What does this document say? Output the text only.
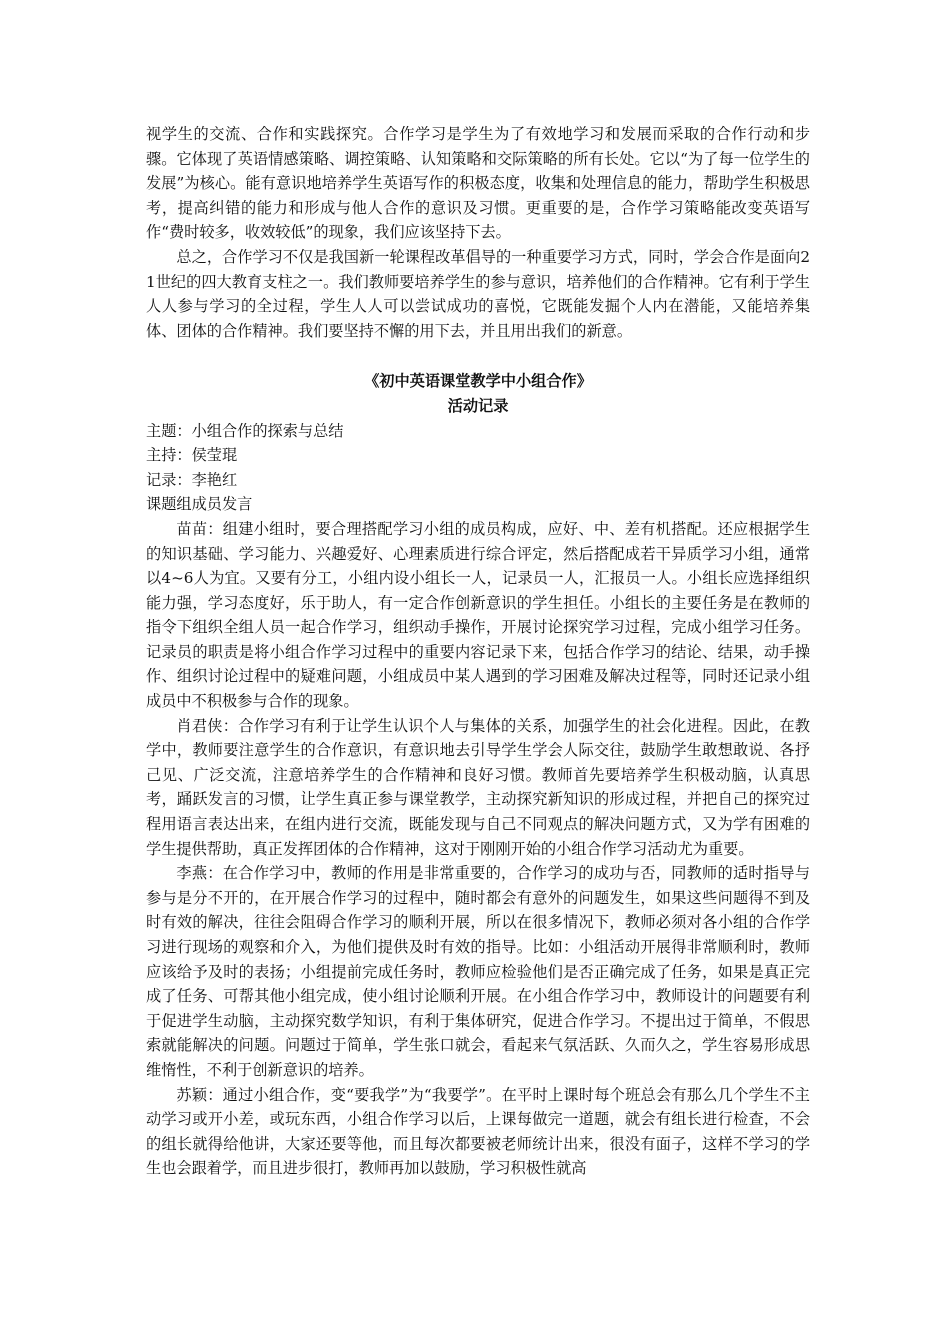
视学生的交流、合作和实践探究。合作学习是学生为了有效地学习和发展而采取的合作行动和步骤。它体现了英语情感策略、调控策略、认知策略和交际策略的所有长处。它以“为了每一位学生的发展”为核心。能有意识地培养学生英语写作的积极态度，收集和处理信息的能力，帮助学生积极思考，提高纠错的能力和形成与他人合作的意识及习惯。更重要的是，合作学习策略能改变英语写作“费时较多，收效较低”的现象，我们应该坚持下去。

总之，合作学习不仅是我国新一轮课程改革倡导的一种重要学习方式，同时，学会合作是面向21世纪的四大教育支柱之一。我们教师要培养学生的参与意识，培养他们的合作精神。它有利于学生人人参与学习的全过程，学生人人可以尝试成功的喜悦，它既能发掘个人内在潜能，又能培养集体、团体的合作精神。我们要坚持不懈的用下去，并且用出我们的新意。

《初中英语课堂教学中小组合作》

活动记录

主题：小组合作的探索与总结

主持：侯莹琨

记录：李艳红

课题组成员发言

苗苗：组建小组时，要合理搭配学习小组的成员构成，应好、中、差有机搭配。还应根据学生的知识基础、学习能力、兴趣爱好、心理素质进行综合评定，然后搭配成若干异质学习小组，通常以4~6人为宜。又要有分工，小组内设小组长一人，记录员一人，汇报员一人。小组长应选择组织能力强，学习态度好，乐于助人，有一定合作创新意识的学生担任。小组长的主要任务是在教师的指令下组织全组人员一起合作学习，组织动手操作，开展讨论探究学习过程，完成小组学习任务。记录员的职责是将小组合作学习过程中的重要内容记录下来，包括合作学习的结论、结果，动手操作、组织讨论过程中的疑难问题，小组成员中某人遇到的学习困难及解决过程等，同时还记录小组成员中不积极参与合作的现象。

肖君侠：合作学习有利于让学生认识个人与集体的关系，加强学生的社会化进程。因此，在教学中，教师要注意学生的合作意识，有意识地去引导学生学会人际交往，鼓励学生敢想敢说、各抒己见、广泛交流，注意培养学生的合作精神和良好习惯。教师首先要培养学生积极动脑，认真思考，踊跃发言的习惯，让学生真正参与课堂教学，主动探究新知识的形成过程，并把自己的探究过程用语言表达出来，在组内进行交流，既能发现与自己不同观点的解决问题方式，又为学有困难的学生提供帮助，真正发挥团体的合作精神，这对于刚刚开始的小组合作学习活动尤为重要。

李燕：在合作学习中，教师的作用是非常重要的，合作学习的成功与否，同教师的适时指导与参与是分不开的，在开展合作学习的过程中，随时都会有意外的问题发生，如果这些问题得不到及时有效的解决，往往会阻碍合作学习的顺利开展，所以在很多情况下，教师必须对各小组的合作学习进行现场的观察和介入，为他们提供及时有效的指导。比如：小组活动开展得非常顺利时，教师应该给予及时的表扬；小组提前完成任务时，教师应检验他们是否正确完成了任务，如果是真正完成了任务、可帮其他小组完成，使小组讨论顺利开展。在小组合作学习中，教师设计的问题要有利于促进学生动脑，主动探究数学知识，有利于集体研究，促进合作学习。不提出过于简单，不假思索就能解决的问题。问题过于简单，学生张口就会，看起来气氛活跃、久而久之，学生容易形成思维惰性，不利于创新意识的培养。

苏颖：通过小组合作，变“要我学”为“我要学”。在平时上课时每个班总会有那么几个学生不主动学习或开小差，或玩东西，小组合作学习以后，上课每做完一道题，就会有组长进行检查，不会的组长就得给他讲，大家还要等他，而且每次都要被老师统计出来，很没有面子，这样不学习的学生也会跟着学，而且进步很打，教师再加以鼓励，学习积极性就高
